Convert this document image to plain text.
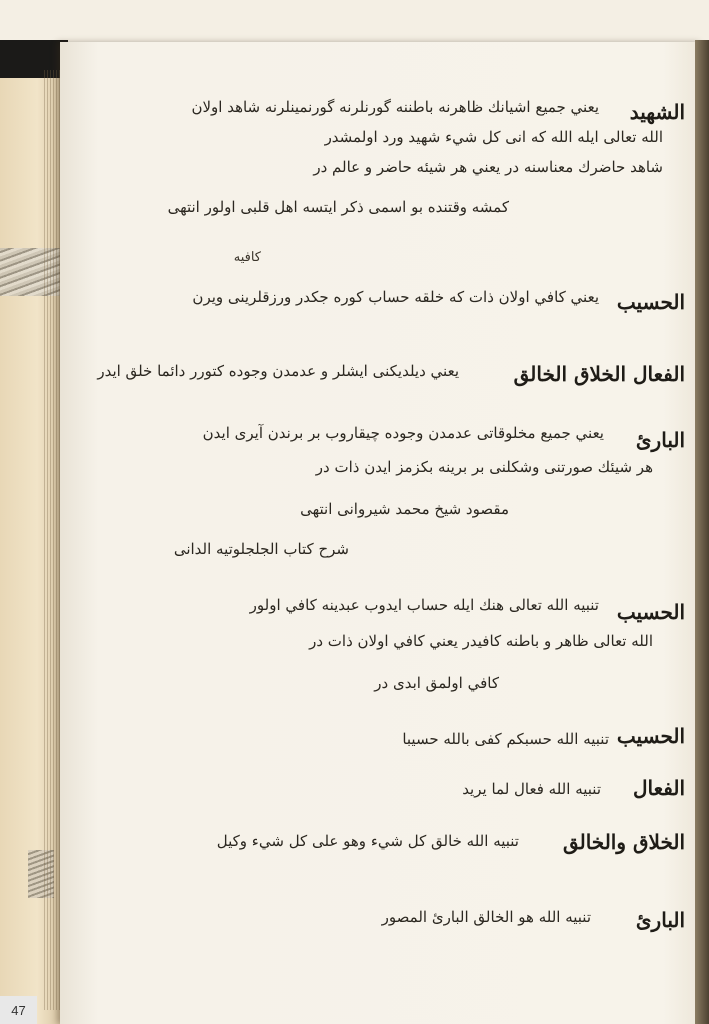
الشهيد
يعني جميع اشيانك ظاهرنه باطننه گورنلرنه گورنمينلرنه شاهد اولان
الله تعالى ايله الله كه انى كل شيء شهيد ورد اولمشدر
شاهد حاضرك معناسنه در يعني هر شيئه حاضر و عالم در
كمشه وقتنده بو اسمى ذكر ايتسه اهل قلبى اولور انتهى
كافيه
الحسيب
يعني كافي اولان ذات كه خلقه حساب كوره جكدر ورزقلرينى ويرن
الفعال الخلاق الخالق
يعني ديلديكنى ايشلر و عدمدن وجوده كتورر دائما خلق ايدر
البارئ
يعني جميع مخلوقاتى عدمدن وجوده چيقاروب بر برندن آيرى ايدن
هر شيئك صورتنى وشكلنى بر برينه بكزمز ايدن ذات در
مقصود شيخ محمد شيروانى انتهى
شرح كتاب الجلجلوتيه الدانى
الحسيب
تنبيه الله تعالى هنك ايله حساب ايدوب عبدينه كافي اولور
الله تعالى ظاهر و باطنه كافيدر يعني كافي اولان ذات در
كافي اولمق ابدى در
الحسيب
تنبيه الله حسبكم كفى بالله حسيبا
الفعال
تنبيه الله فعال لما يريد
الخلاق والخالق
تنبيه الله خالق كل شيء وهو على كل شيء وكيل
البارئ
تنبيه الله هو الخالق البارئ المصور
47
